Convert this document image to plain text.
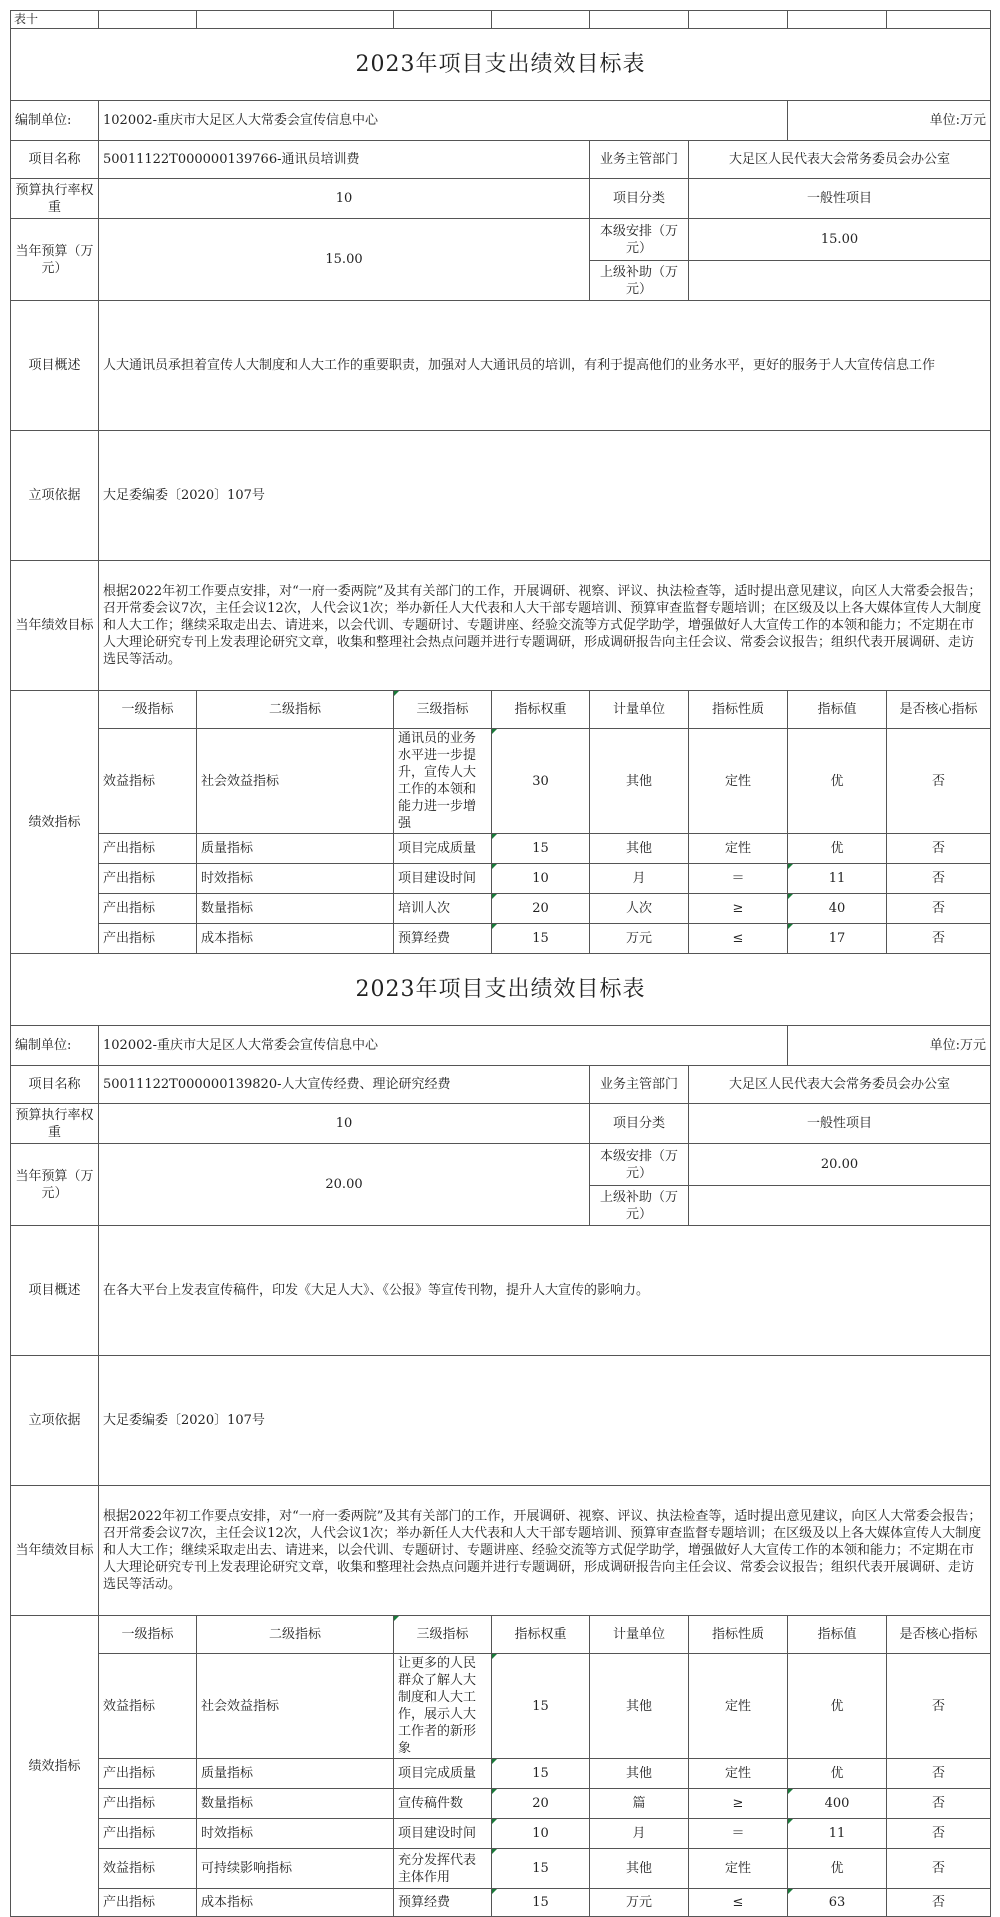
表十								
2023年项目支出绩效目标表								
编制单位:	102002-重庆市大足区人大常委会宣传信息中心						单位:万元	
项目名称	50011122T000000139766-通讯员培训费				业务主管部门	大足区人民代表大会常务委员会办公室		
预算执行率权重	10				项目分类	一般性项目		
当年预算（万元）	15.00				本级安排（万元）	15.00		
					上级补助（万元）			
项目概述	人大通讯员承担着宣传人大制度和人大工作的重要职责，加强对人大通讯员的培训，有利于提高他们的业务水平，更好的服务于人大宣传信息工作							
立项依据	大足委编委〔2020〕107号							
当年绩效目标	根据2022年初工作要点安排，对“一府一委两院”及其有关部门的工作，开展调研、视察、评议、执法检查等，适时提出意见建议，向区人大常委会报告；召开常委会议7次，主任会议12次，人代会议1次；举办新任人大代表和人大干部专题培训、预算审查监督专题培训；在区级及以上各大媒体宣传人大制度和人大工作；继续采取走出去、请进来，以会代训、专题研讨、专题讲座、经验交流等方式促学助学，增强做好人大宣传工作的本领和能力；不定期在市人大理论研究专刊上发表理论研究文章，收集和整理社会热点问题并进行专题调研，形成调研报告向主任会议、常委会议报告；组织代表开展调研、走访选民等活动。							
绩效指标	一级指标	二级指标	三级指标	指标权重	计量单位	指标性质	指标值	是否核心指标
	效益指标	社会效益指标	通讯员的业务水平进一步提升，宣传人大工作的本领和能力进一步增强	30	其他	定性	优	否
	产出指标	质量指标	项目完成质量	15	其他	定性	优	否
	产出指标	时效指标	项目建设时间	10	月	＝	11	否
	产出指标	数量指标	培训人次	20	人次	≥	40	否
	产出指标	成本指标	预算经费	15	万元	≤	17	否
2023年项目支出绩效目标表								
编制单位:	102002-重庆市大足区人大常委会宣传信息中心						单位:万元	
项目名称	50011122T000000139820-人大宣传经费、理论研究经费				业务主管部门	大足区人民代表大会常务委员会办公室		
预算执行率权重	10				项目分类	一般性项目		
当年预算（万元）	20.00				本级安排（万元）	20.00		
					上级补助（万元）			
项目概述	在各大平台上发表宣传稿件，印发《大足人大》、《公报》等宣传刊物，提升人大宣传的影响力。							
立项依据	大足委编委〔2020〕107号							
当年绩效目标	根据2022年初工作要点安排，对“一府一委两院”及其有关部门的工作，开展调研、视察、评议、执法检查等，适时提出意见建议，向区人大常委会报告；召开常委会议7次，主任会议12次，人代会议1次；举办新任人大代表和人大干部专题培训、预算审查监督专题培训；在区级及以上各大媒体宣传人大制度和人大工作；继续采取走出去、请进来，以会代训、专题研讨、专题讲座、经验交流等方式促学助学，增强做好人大宣传工作的本领和能力；不定期在市人大理论研究专刊上发表理论研究文章，收集和整理社会热点问题并进行专题调研，形成调研报告向主任会议、常委会议报告；组织代表开展调研、走访选民等活动。							
绩效指标	一级指标	二级指标	三级指标	指标权重	计量单位	指标性质	指标值	是否核心指标
	效益指标	社会效益指标	让更多的人民群众了解人大制度和人大工作，展示人大工作者的新形象	15	其他	定性	优	否
	产出指标	质量指标	项目完成质量	15	其他	定性	优	否
	产出指标	数量指标	宣传稿件数	20	篇	≥	400	否
	产出指标	时效指标	项目建设时间	10	月	＝	11	否
	效益指标	可持续影响指标	充分发挥代表主体作用	15	其他	定性	优	否
	产出指标	成本指标	预算经费	15	万元	≤	63	否
